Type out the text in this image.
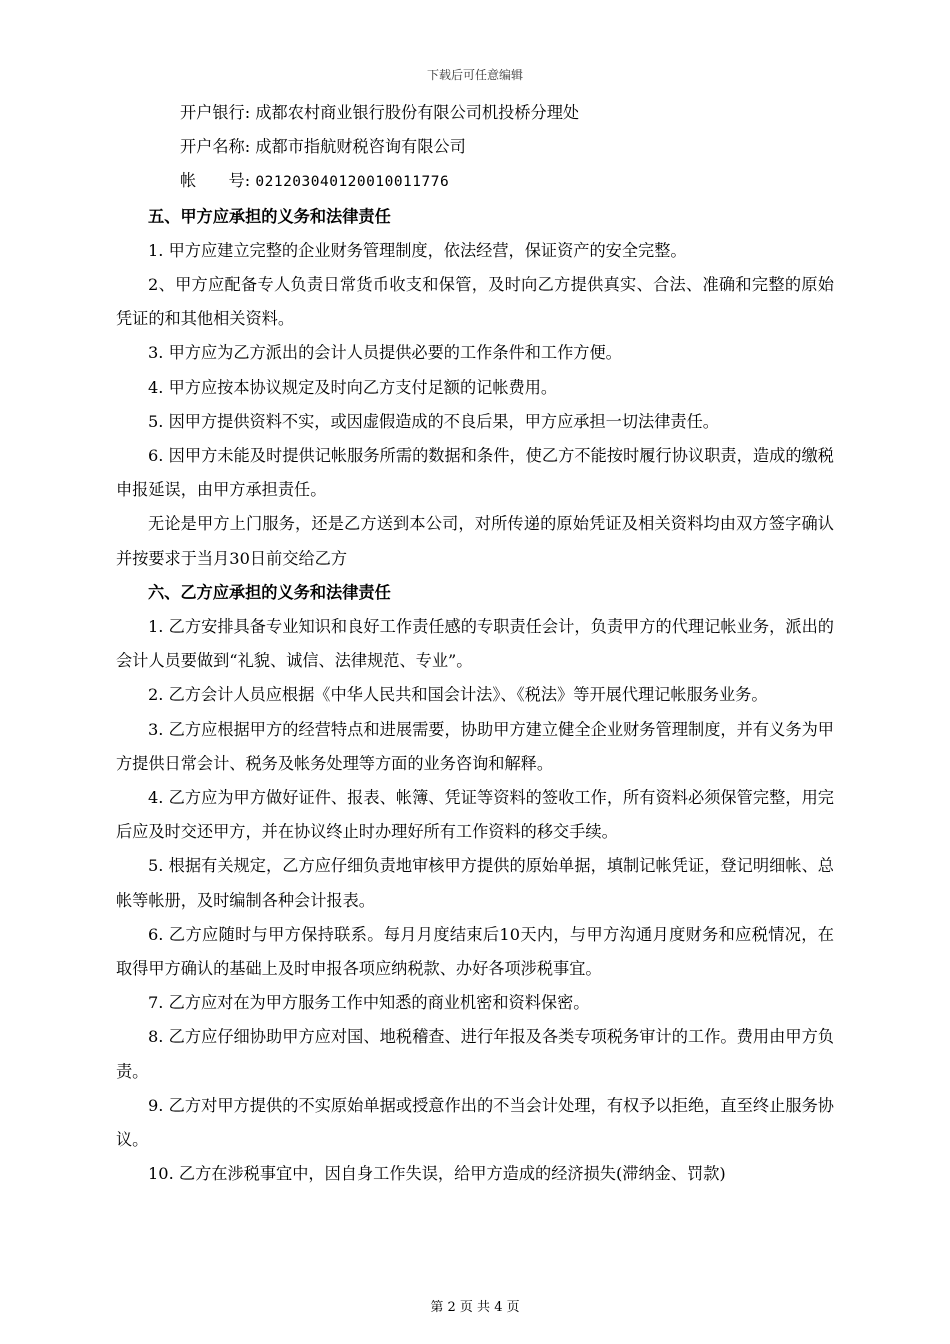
下载后可任意编辑

开户银行: 成都农村商业银行股份有限公司机投桥分理处

开户名称: 成都市指航财税咨询有限公司

帐　　号: 021203040120010011776

五、甲方应承担的义务和法律责任

1. 甲方应建立完整的企业财务管理制度，依法经营，保证资产的安全完整。

2、甲方应配备专人负责日常货币收支和保管，及时向乙方提供真实、合法、准确和完整的原始凭证的和其他相关资料。

3. 甲方应为乙方派出的会计人员提供必要的工作条件和工作方便。

4. 甲方应按本协议规定及时向乙方支付足额的记帐费用。

5. 因甲方提供资料不实，或因虚假造成的不良后果，甲方应承担一切法律责任。

6. 因甲方未能及时提供记帐服务所需的数据和条件，使乙方不能按时履行协议职责，造成的缴税申报延误，由甲方承担责任。

无论是甲方上门服务，还是乙方送到本公司，对所传递的原始凭证及相关资料均由双方签字确认并按要求于当月30日前交给乙方

六、乙方应承担的义务和法律责任

1. 乙方安排具备专业知识和良好工作责任感的专职责任会计，负责甲方的代理记帐业务，派出的会计人员要做到“礼貌、诚信、法律规范、专业”。

2. 乙方会计人员应根据《中华人民共和国会计法》、《税法》等开展代理记帐服务业务。

3. 乙方应根据甲方的经营特点和进展需要，协助甲方建立健全企业财务管理制度，并有义务为甲方提供日常会计、税务及帐务处理等方面的业务咨询和解释。

4. 乙方应为甲方做好证件、报表、帐簿、凭证等资料的签收工作，所有资料必须保管完整，用完后应及时交还甲方，并在协议终止时办理好所有工作资料的移交手续。

5. 根据有关规定，乙方应仔细负责地审核甲方提供的原始单据，填制记帐凭证，登记明细帐、总帐等帐册，及时编制各种会计报表。

6. 乙方应随时与甲方保持联系。每月月度结束后10天内，与甲方沟通月度财务和应税情况，在取得甲方确认的基础上及时申报各项应纳税款、办好各项涉税事宜。

7. 乙方应对在为甲方服务工作中知悉的商业机密和资料保密。

8. 乙方应仔细协助甲方应对国、地税稽查、进行年报及各类专项税务审计的工作。费用由甲方负责。

9. 乙方对甲方提供的不实原始单据或授意作出的不当会计处理，有权予以拒绝，直至终止服务协议。

10. 乙方在涉税事宜中，因自身工作失误，给甲方造成的经济损失(滞纳金、罚款)

第 2 页 共 4 页
